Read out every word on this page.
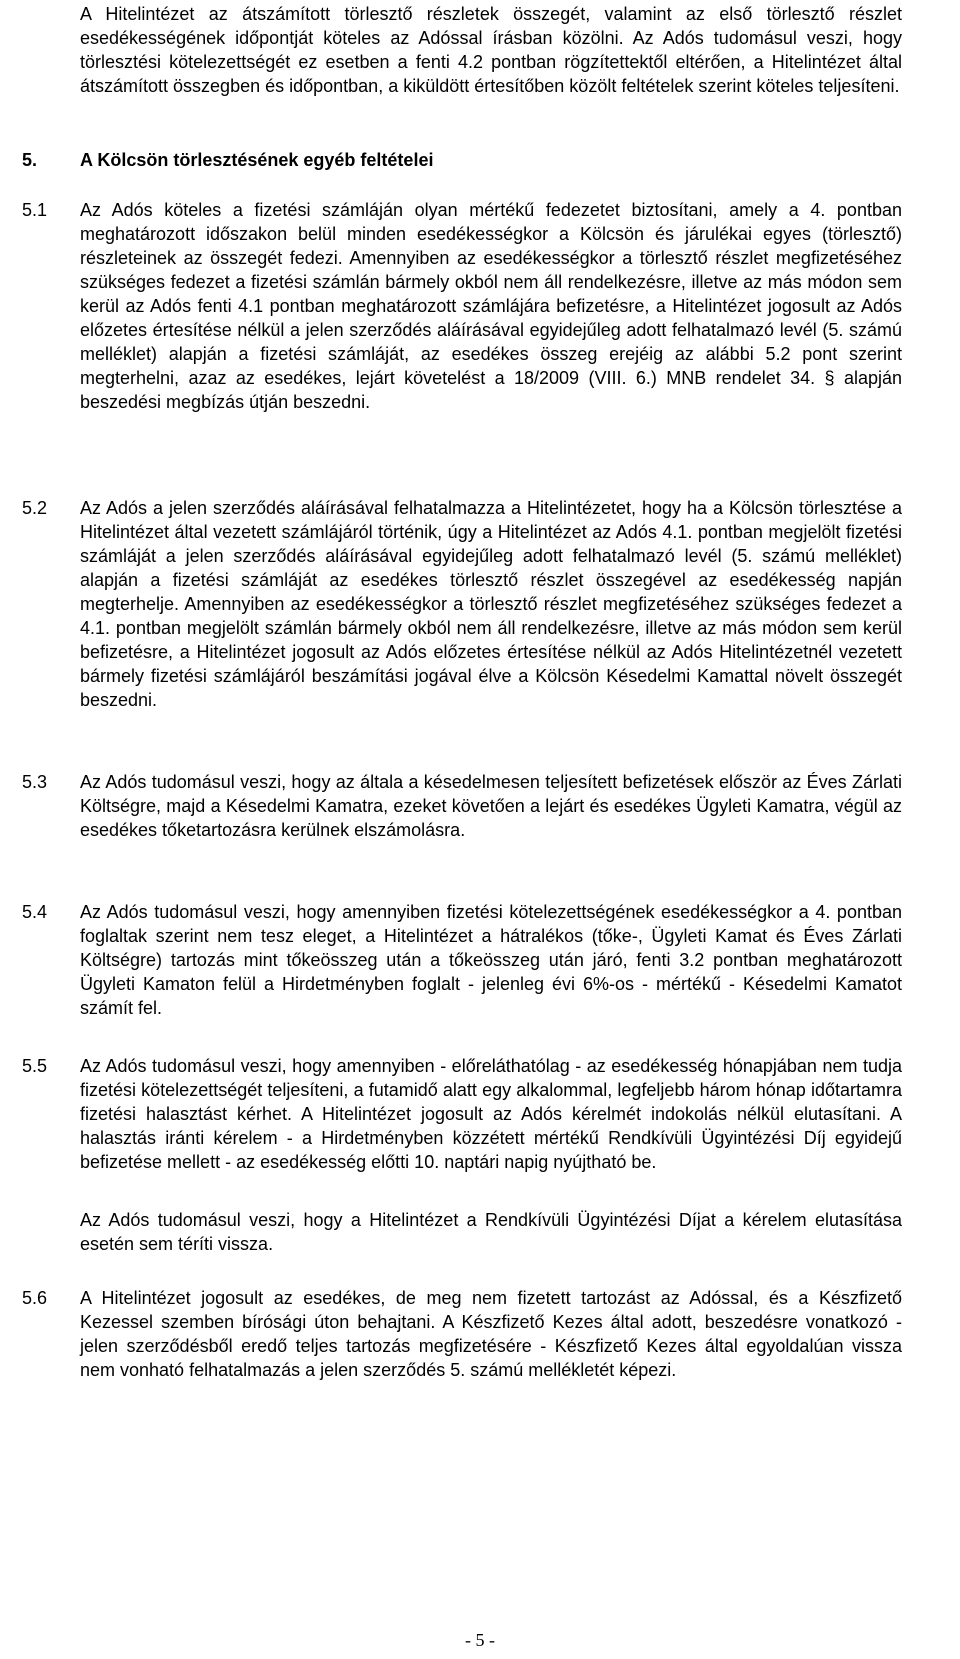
A Hitelintézet az átszámított törlesztő részletek összegét, valamint az első törlesztő részlet esedékességének időpontját köteles az Adóssal írásban közölni. Az Adós tudomásul veszi, hogy törlesztési kötelezettségét ez esetben a fenti 4.2 pontban rögzítettektől eltérően, a Hitelintézet által átszámított összegben és időpontban, a kiküldött értesítőben közölt feltételek szerint köteles teljesíteni.
5. A Kölcsön törlesztésének egyéb feltételei
5.1 Az Adós köteles a fizetési számláján olyan mértékű fedezetet biztosítani, amely a 4. pontban meghatározott időszakon belül minden esedékességkor a Kölcsön és járulékai egyes (törlesztő) részleteinek az összegét fedezi. Amennyiben az esedékességkor a törlesztő részlet megfizetéséhez szükséges fedezet a fizetési számlán bármely okból nem áll rendelkezésre, illetve az más módon sem kerül az Adós fenti 4.1 pontban meghatározott számlájára befizetésre, a Hitelintézet jogosult az Adós előzetes értesítése nélkül a jelen szerződés aláírásával egyidejűleg adott felhatalmazó levél (5. számú melléklet) alapján a fizetési számláját, az esedékes összeg erejéig az alábbi 5.2 pont szerint megterhelni, azaz az esedékes, lejárt követelést a 18/2009 (VIII. 6.) MNB rendelet 34. § alapján beszedési megbízás útján beszedni.
5.2 Az Adós a jelen szerződés aláírásával felhatalmazza a Hitelintézetet, hogy ha a Kölcsön törlesztése a Hitelintézet által vezetett számlájáról történik, úgy a Hitelintézet az Adós 4.1. pontban megjelölt fizetési számláját a jelen szerződés aláírásával egyidejűleg adott felhatalmazó levél (5. számú melléklet) alapján a fizetési számláját az esedékes törlesztő részlet összegével az esedékesség napján megterhelje. Amennyiben az esedékességkor a törlesztő részlet megfizetéséhez szükséges fedezet a 4.1. pontban megjelölt számlán bármely okból nem áll rendelkezésre, illetve az más módon sem kerül befizetésre, a Hitelintézet jogosult az Adós előzetes értesítése nélkül az Adós Hitelintézetnél vezetett bármely fizetési számlájáról beszámítási jogával élve a Kölcsön Késedelmi Kamattal növelt összegét beszedni.
5.3 Az Adós tudomásul veszi, hogy az általa a késedelmesen teljesített befizetések először az Éves Zárlati Költségre, majd a Késedelmi Kamatra, ezeket követően a lejárt és esedékes Ügyleti Kamatra, végül az esedékes tőketartozásra kerülnek elszámolásra.
5.4 Az Adós tudomásul veszi, hogy amennyiben fizetési kötelezettségének esedékességkor a 4. pontban foglaltak szerint nem tesz eleget, a Hitelintézet a hátralékos (tőke-, Ügyleti Kamat és Éves Zárlati Költségre) tartozás mint tőkeösszeg után a tőkeösszeg után járó, fenti 3.2 pontban meghatározott Ügyleti Kamaton felül a Hirdetményben foglalt - jelenleg évi 6%-os - mértékű - Késedelmi Kamatot számít fel.
5.5 Az Adós tudomásul veszi, hogy amennyiben - előreláthatólag - az esedékesség hónapjában nem tudja fizetési kötelezettségét teljesíteni, a futamidő alatt egy alkalommal, legfeljebb három hónap időtartamra fizetési halasztást kérhet. A Hitelintézet jogosult az Adós kérelmét indokolás nélkül elutasítani. A halasztás iránti kérelem - a Hirdetményben közzétett mértékű Rendkívüli Ügyintézési Díj egyidejű befizetése mellett - az esedékesség előtti 10. naptári napig nyújtható be.
Az Adós tudomásul veszi, hogy a Hitelintézet a Rendkívüli Ügyintézési Díjat a kérelem elutasítása esetén sem téríti vissza.
5.6 A Hitelintézet jogosult az esedékes, de meg nem fizetett tartozást az Adóssal, és a Készfizető Kezessel szemben bírósági úton behajtani. A Készfizető Kezes által adott, beszedésre vonatkozó - jelen szerződésből eredő teljes tartozás megfizetésére - Készfizető Kezes által egyoldalúan vissza nem vonható felhatalmazás a jelen szerződés 5. számú mellékletét képezi.
- 5 -
